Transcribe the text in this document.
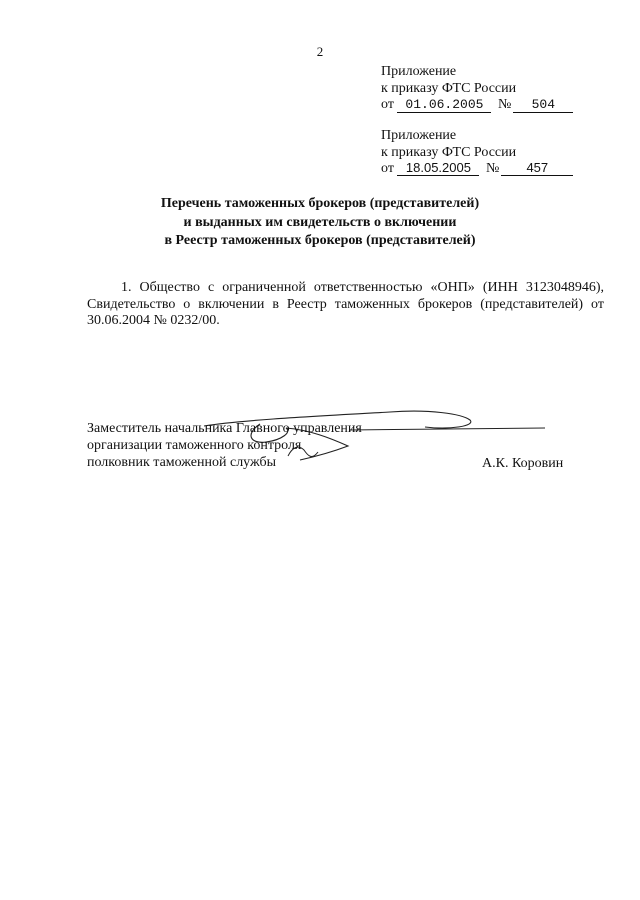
2
Приложение
к приказу ФТС России
от 01.06.2005 № 504
Приложение
к приказу ФТС России
от 18.05.2005 № 457
Перечень таможенных брокеров (представителей)
и выданных им свидетельств о включении
в Реестр таможенных брокеров (представителей)
1. Общество с ограниченной ответственностью «ОНП» (ИНН 3123048946), Свидетельство о включении в Реестр таможенных брокеров (представителей) от 30.06.2004 № 0232/00.
Заместитель начальника Главного управления
организации таможенного контроля
полковник таможенной службы	А.К. Коровин
